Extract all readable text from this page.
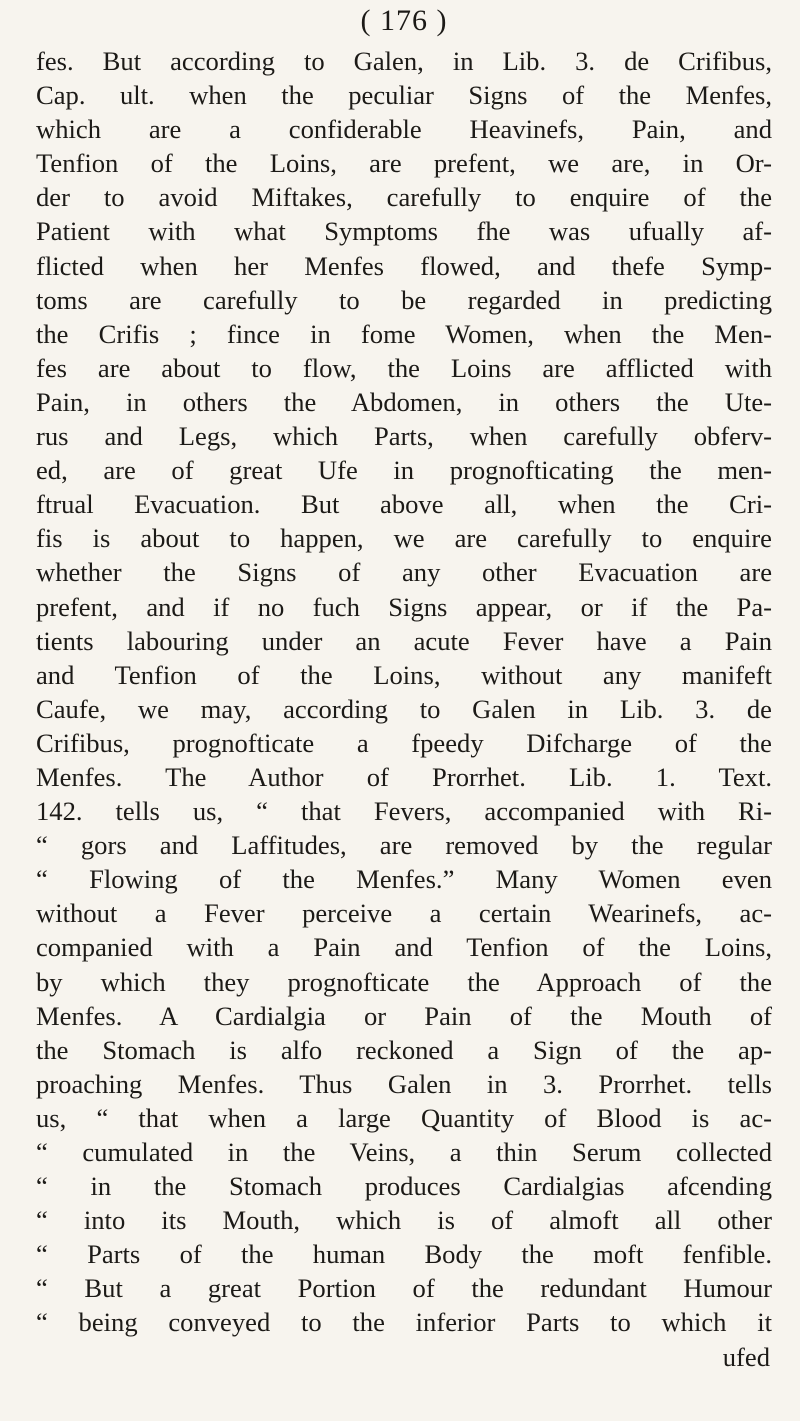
( 176 )
fes. But according to Galen, in Lib. 3. de Crifibus,
Cap. ult. when the peculiar Signs of the Menfes,
which are a confiderable Heavinefs, Pain, and
Tenfion of the Loins, are prefent, we are, in Or-
der to avoid Miftakes, carefully to enquire of the
Patient with what Symptoms fhe was ufually af-
flicted when her Menfes flowed, and thefe Symp-
toms are carefully to be regarded in predicting
the Crifis ; fince in fome Women, when the Men-
fes are about to flow, the Loins are afflicted with
Pain, in others the Abdomen, in others the Ute-
rus and Legs, which Parts, when carefully obferv-
ed, are of great Ufe in prognofticating the men-
ftrual Evacuation. But above all, when the Cri-
fis is about to happen, we are carefully to enquire
whether the Signs of any other Evacuation are
prefent, and if no fuch Signs appear, or if the Pa-
tients labouring under an acute Fever have a Pain
and Tenfion of the Loins, without any manifeft
Caufe, we may, according to Galen in Lib. 3. de
Crifibus, prognofticate a fpeedy Difcharge of the
Menfes. The Author of Prorrhet. Lib. 1. Text.
142. tells us, “ that Fevers, accompanied with Ri-
“ gors and Laffitudes, are removed by the regular
“ Flowing of the Menfes.” Many Women even
without a Fever perceive a certain Wearinefs, ac-
companied with a Pain and Tenfion of the Loins,
by which they prognofticate the Approach of the
Menfes. A Cardialgia or Pain of the Mouth of
the Stomach is alfo reckoned a Sign of the ap-
proaching Menfes. Thus Galen in 3. Prorrhet. tells
us, “ that when a large Quantity of Blood is ac-
“ cumulated in the Veins, a thin Serum collected
“ in the Stomach produces Cardialgias afcending
“ into its Mouth, which is of almoft all other
“ Parts of the human Body the moft fenfible.
“ But a great Portion of the redundant Humour
“ being conveyed to the inferior Parts to which it
ufed
